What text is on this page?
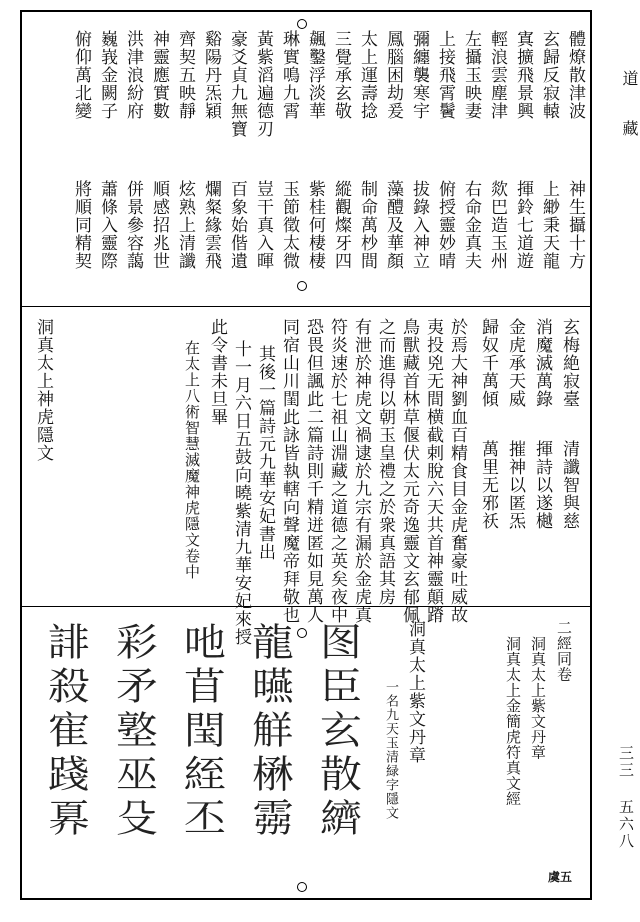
道
藏
三三 五六八
神生攝十方
上緲秉天龍
揮鈴七道遊
欻巴造玉州
右命金真夫
俯授靈妙晴
拔錄入神立
藻醴及華顏
制命萬杪間
縱觀燦牙四
紫桂何棲棲
玉節徵太微
豈干真入暉
百象始偕遺
爛粲緣雲飛
炫熟上清讖
順感招兆世
併景參容藹
蕭條入靈際
將順同精契
體燎散津波
玄歸反寂轅
寘擴飛景興
輕浪雲塵津
左攝玉映妻
上接飛霄鬢
彌纏襲寒宇
鳳腦困劫爰
太上運壽捻
三覺承玄敬
飆鑿浮淡華
琳實鳴九霄
黃紫滔遍德刃
豪爻貞九無寶
谿陽丹炁穎
齊契五映靜
神靈應實數
洪津浪紛府
巍峩金闕子
俯仰萬北變
洞真太上神虎隱文	玄梅絶寂臺
清讖智與慈
消魔滅萬錄
揮詩以遂樾
金虎承天威
摧神以匿炁
歸奴千萬傾
萬里无邪祅
於焉大神劉血百精食目金虎奮豪吐威故
夷投兇无間横截剌脫六天共首神靈顛蹐
鳥獸藏首林草偃伏太元奇逸靈文玄郁佩
之而進得以朝玉皇禮之於衆真語其房
有泄於神虎文禍逮於九宗有漏於金虎真
符炎速於七祖山淵藏之道德之英矣夜中
恐畏但諷此二篇詩則千精迸匿如見萬人
同宿山川閨此詠皆執轄向聲魔帝拜敬也
其後一篇詩元九華安妃書出
十一月六日五鼓向曉紫清九華安妃來授
此令書未旦畢
在太上八術智慧滅魔神虎隱文卷中
二經同卷
洞真太上紫文丹章
洞真太上金簡虎符真文經
洞真太上紫文丹章
一名九天玉清緑字隱文
虞五
图臣玄散纃
龍曣觧楙霛
吔苜閠絰丕
彩矛墪巫殳
誹殺寉踐奡
